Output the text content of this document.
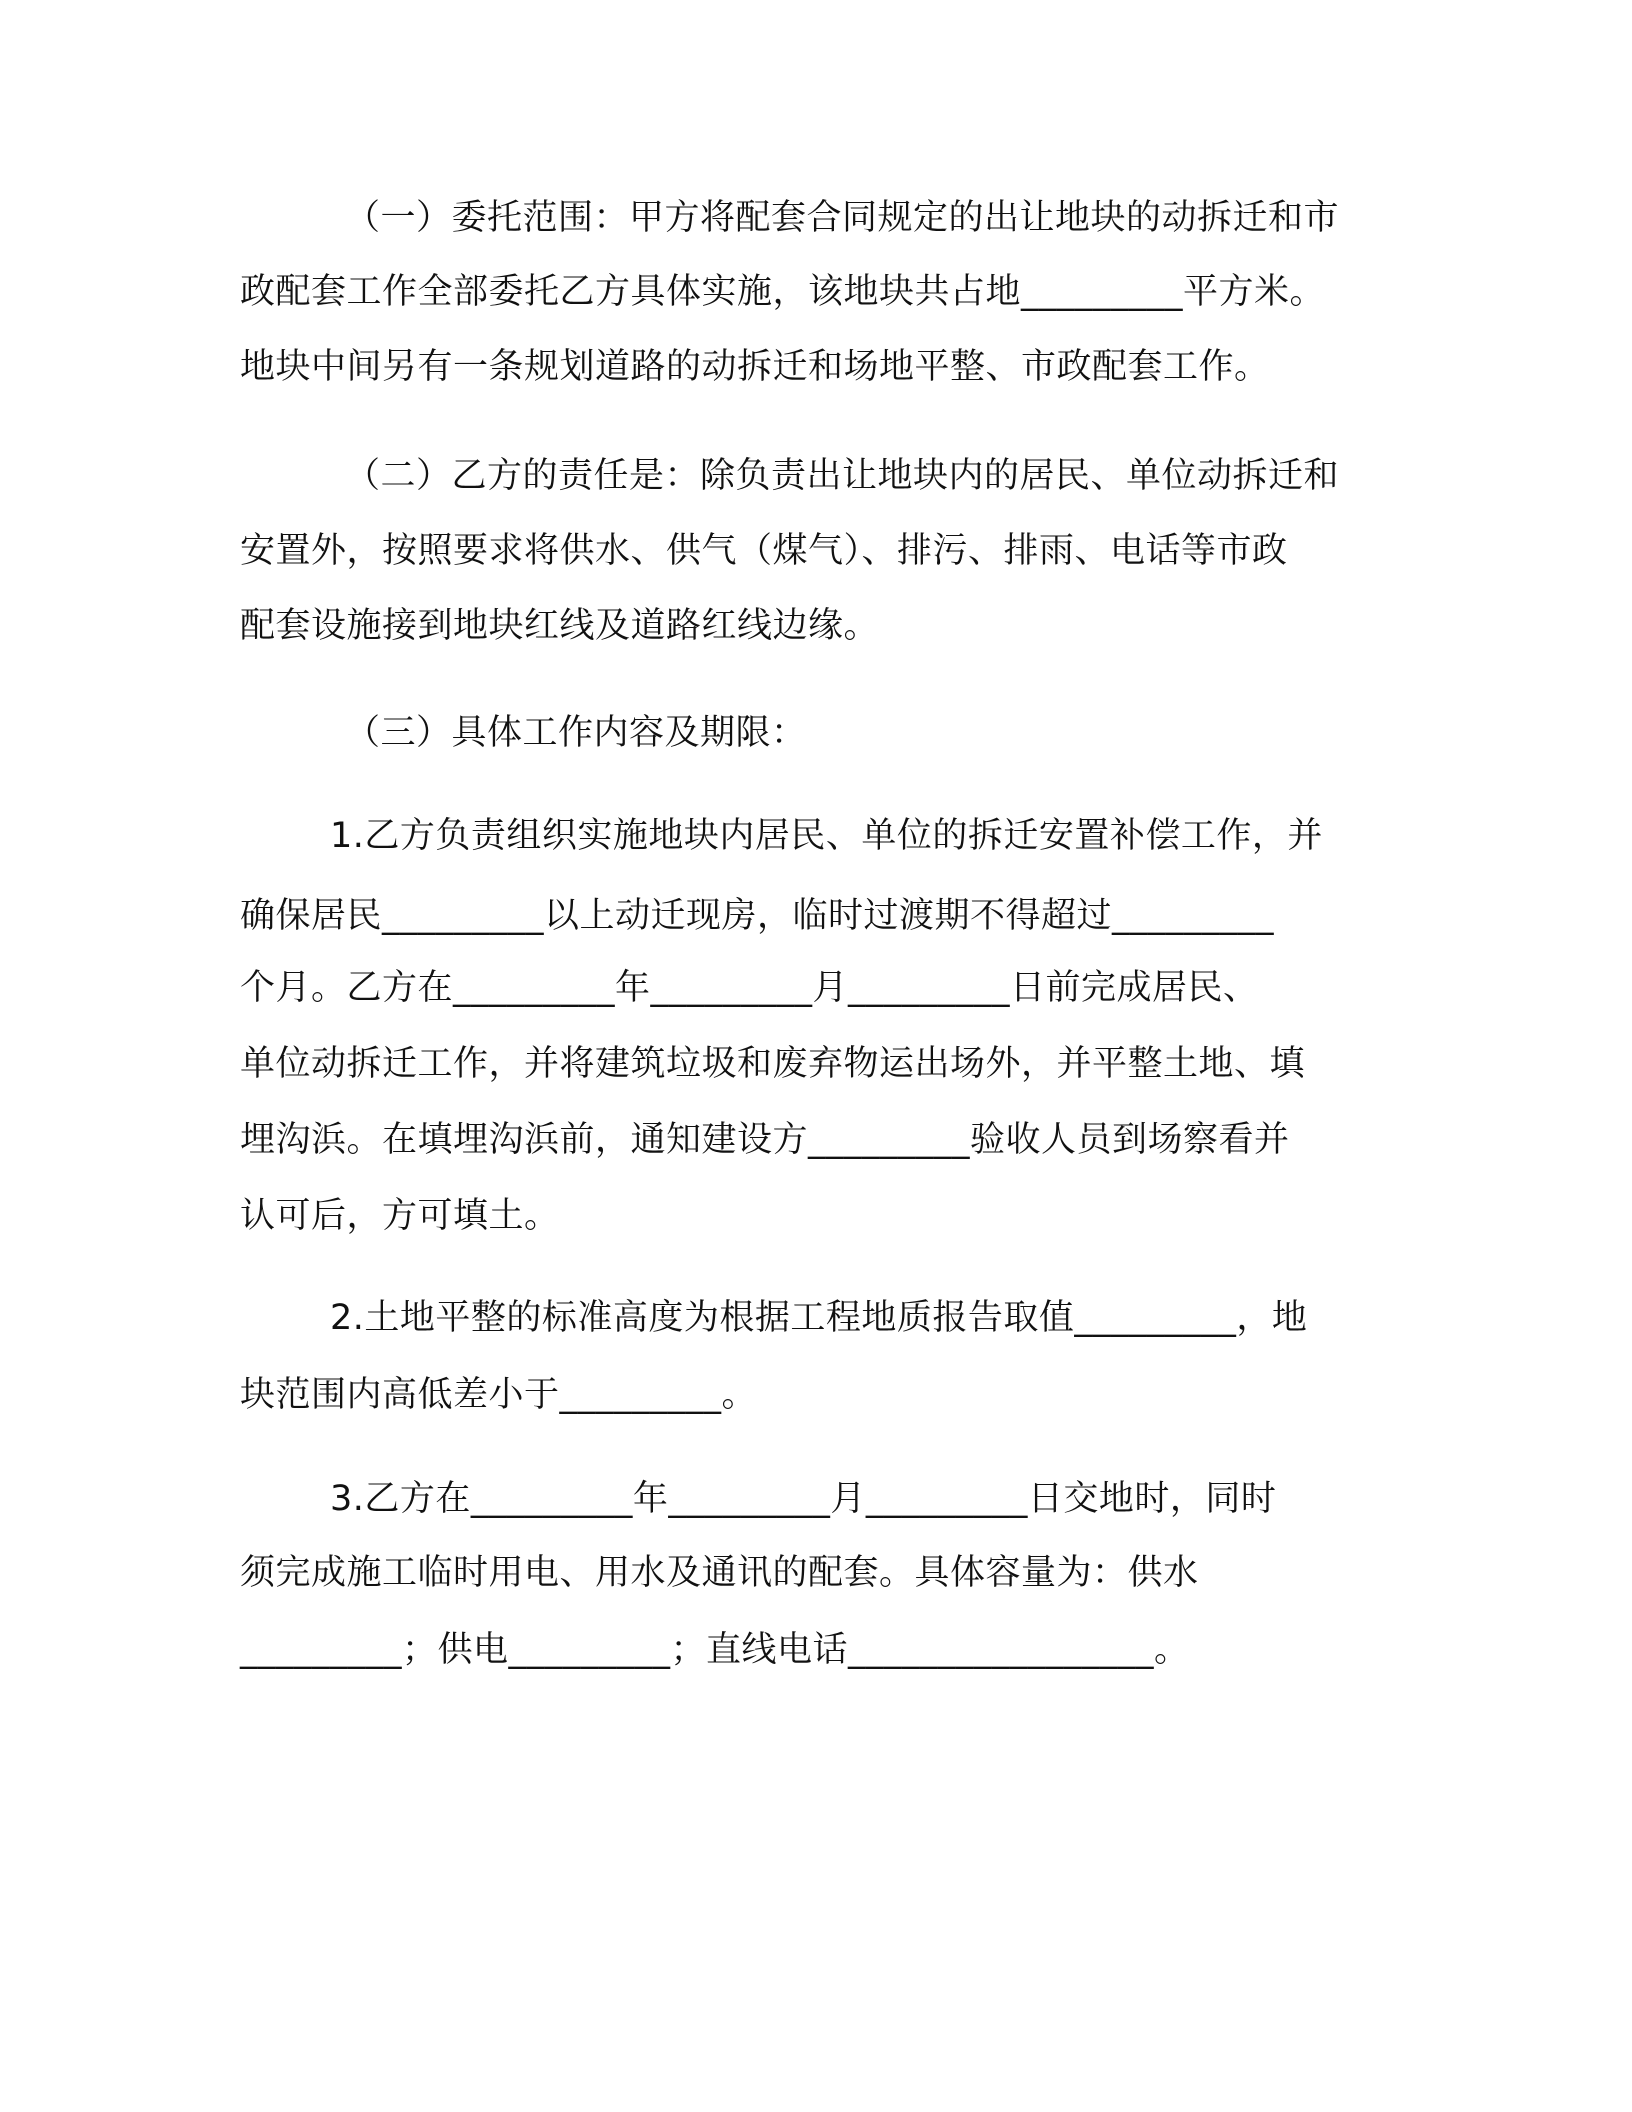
（一）委托范围：甲方将配套合同规定的出让地块的动拆迁和市
政配套工作全部委托乙方具体实施，该地块共占地_________平方米。
地块中间另有一条规划道路的动拆迁和场地平整、市政配套工作。
（二）乙方的责任是：除负责出让地块内的居民、单位动拆迁和
安置外，按照要求将供水、供气（煤气）、排污、排雨、电话等市政
配套设施接到地块红线及道路红线边缘。
（三）具体工作内容及期限：
1.乙方负责组织实施地块内居民、单位的拆迁安置补偿工作，并
确保居民_________以上动迁现房，临时过渡期不得超过_________
个月。乙方在_________年_________月_________日前完成居民、
单位动拆迁工作，并将建筑垃圾和废弃物运出场外，并平整土地、填
埋沟浜。在填埋沟浜前，通知建设方_________验收人员到场察看并
认可后，方可填土。
2.土地平整的标准高度为根据工程地质报告取值_________，地
块范围内高低差小于_________。
3.乙方在_________年_________月_________日交地时，同时
须完成施工临时用电、用水及通讯的配套。具体容量为：供水
_________；供电_________；直线电话_________________。
